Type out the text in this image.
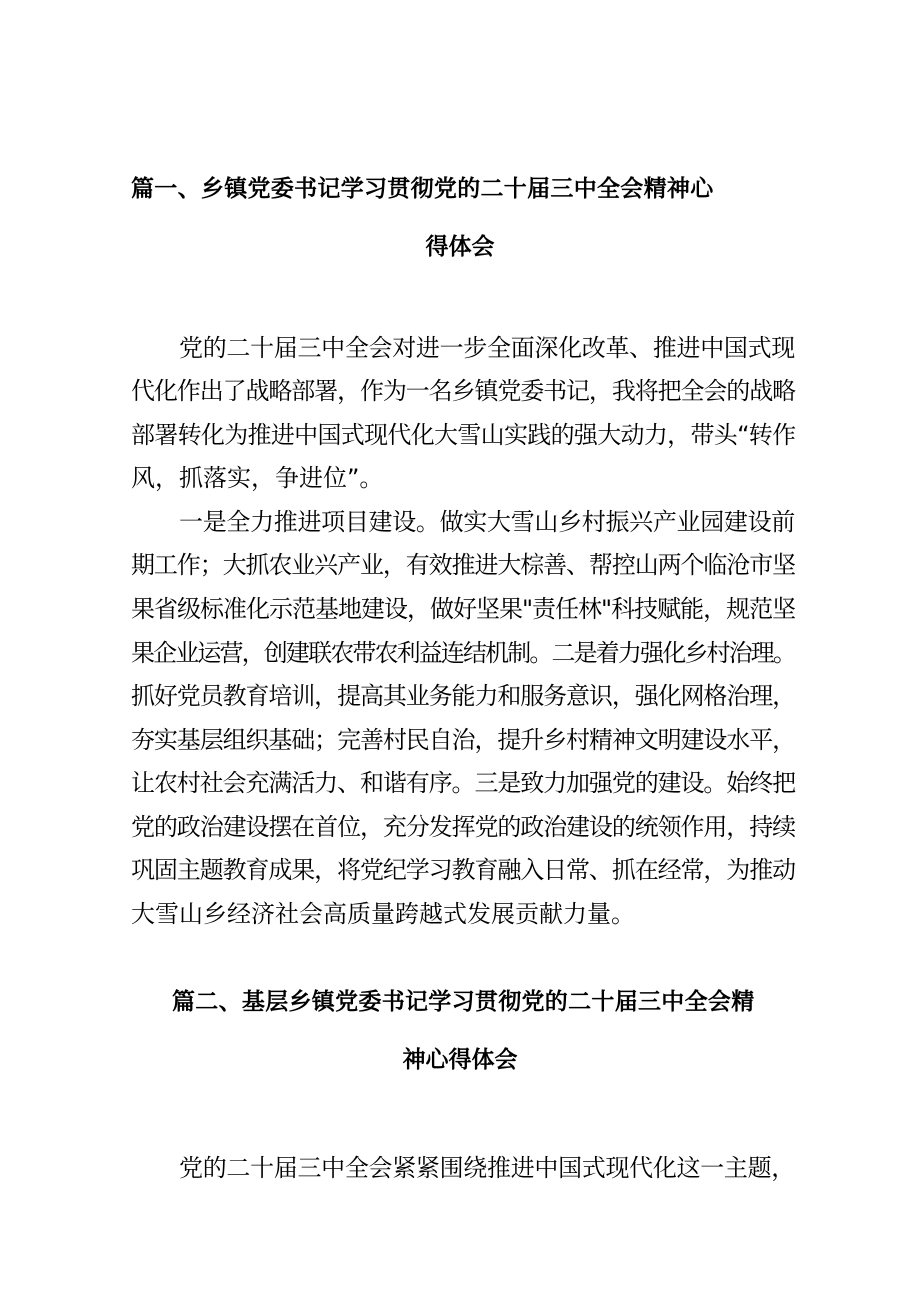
篇一、乡镇党委书记学习贯彻党的二十届三中全会精神心
得体会
党的二十届三中全会对进一步全面深化改革、推进中国式现
代化作出了战略部署，作为一名乡镇党委书记，我将把全会的战略
部署转化为推进中国式现代化大雪山实践的强大动力，带头“转作
风，抓落实，争进位”。
一是全力推进项目建设。做实大雪山乡村振兴产业园建设前
期工作；大抓农业兴产业，有效推进大棕善、帮控山两个临沧市坚
果省级标准化示范基地建设，做好坚果"责任林"科技赋能，规范坚
果企业运营，创建联农带农利益连结机制。二是着力强化乡村治理。
抓好党员教育培训，提高其业务能力和服务意识，强化网格治理，
夯实基层组织基础；完善村民自治，提升乡村精神文明建设水平，
让农村社会充满活力、和谐有序。三是致力加强党的建设。始终把
党的政治建设摆在首位，充分发挥党的政治建设的统领作用，持续
巩固主题教育成果，将党纪学习教育融入日常、抓在经常，为推动
大雪山乡经济社会高质量跨越式发展贡献力量。
篇二、基层乡镇党委书记学习贯彻党的二十届三中全会精
神心得体会
党的二十届三中全会紧紧围绕推进中国式现代化这一主题，
